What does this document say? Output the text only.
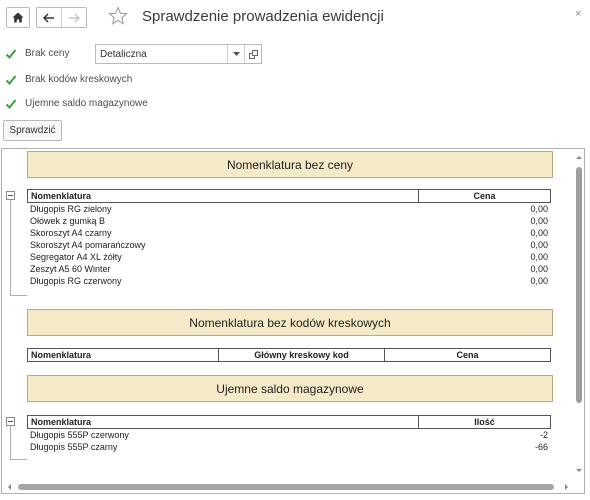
Sprawdzenie prowadzenia ewidencji	×
Brak ceny	Detaliczna
Brak kodów kreskowych
Ujemne saldo magazynowe
Sprawdzić
Nomenklatura bez ceny
Nomenklatura	Cena
Długopis RG zielony	0,00
Ołówek z gumką B	0,00
Skoroszyt A4 czarny	0,00
Skoroszyt A4 pomarańczowy	0,00
Segregator A4 XL żółty	0,00
Zeszyt A5 60 Winter	0,00
Długopis RG czerwony	0,00
Nomenklatura bez kodów kreskowych
Nomenklatura	Główny kreskowy kod	Cena
Ujemne saldo magazynowe
Nomenklatura	Ilość
Długopis 555P czerwony	-2
Długopis 555P czarny	-66
